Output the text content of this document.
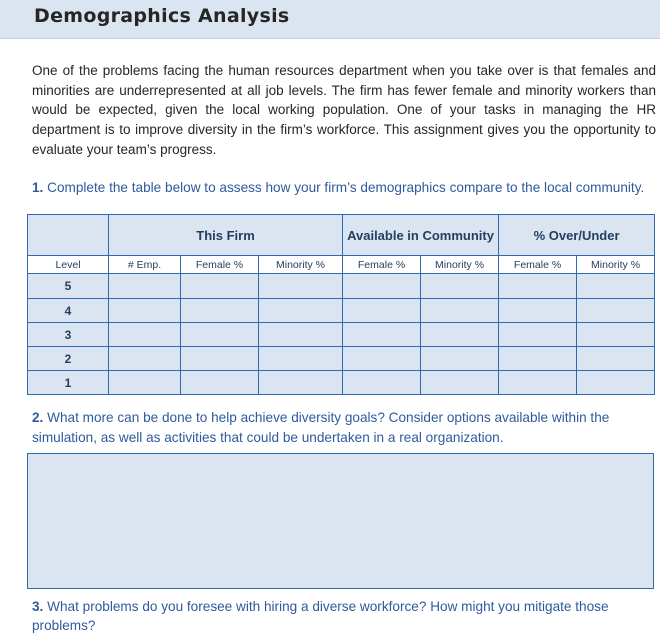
Demographics Analysis
One of the problems facing the human resources department when you take over is that females and minorities are underrepresented at all job levels. The firm has fewer female and minority workers than would be expected, given the local working population. One of your tasks in managing the HR department is to improve diversity in the firm’s workforce. This assignment gives you the opportunity to evaluate your team’s progress.
1. Complete the table below to assess how your firm’s demographics compare to the local community.
	This Firm			Available in Community		% Over/Under	
Level	# Emp.	Female %	Minority %	Female %	Minority %	Female %	Minority %
5							
4							
3							
2							
1							
2. What more can be done to help achieve diversity goals? Consider options available within the simulation, as well as activities that could be undertaken in a real organization.
3. What problems do you foresee with hiring a diverse workforce? How might you mitigate those problems?
